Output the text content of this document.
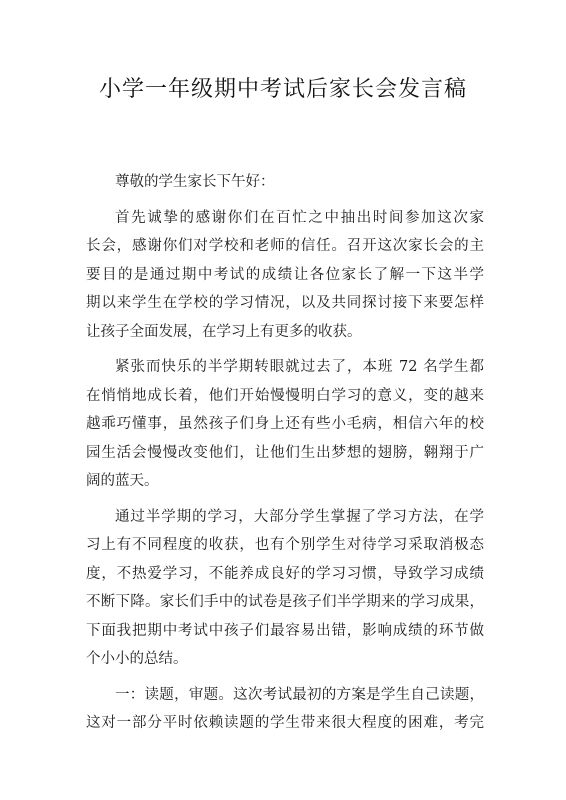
小学一年级期中考试后家长会发言稿
尊敬的学生家长下午好：
首先诚挚的感谢你们在百忙之中抽出时间参加这次家
长会，感谢你们对学校和老师的信任。召开这次家长会的主
要目的是通过期中考试的成绩让各位家长了解一下这半学
期以来学生在学校的学习情况，以及共同探讨接下来要怎样
让孩子全面发展，在学习上有更多的收获。
紧张而快乐的半学期转眼就过去了，本班 72 名学生都
在悄悄地成长着，他们开始慢慢明白学习的意义，变的越来
越乖巧懂事，虽然孩子们身上还有些小毛病，相信六年的校
园生活会慢慢改变他们，让他们生出梦想的翅膀，翱翔于广
阔的蓝天。
通过半学期的学习，大部分学生掌握了学习方法，在学
习上有不同程度的收获，也有个别学生对待学习采取消极态
度，不热爱学习，不能养成良好的学习习惯，导致学习成绩
不断下降。家长们手中的试卷是孩子们半学期来的学习成果，
下面我把期中考试中孩子们最容易出错，影响成绩的环节做
个小小的总结。
一：读题，审题。这次考试最初的方案是学生自己读题，
这对一部分平时依赖读题的学生带来很大程度的困难，考完
